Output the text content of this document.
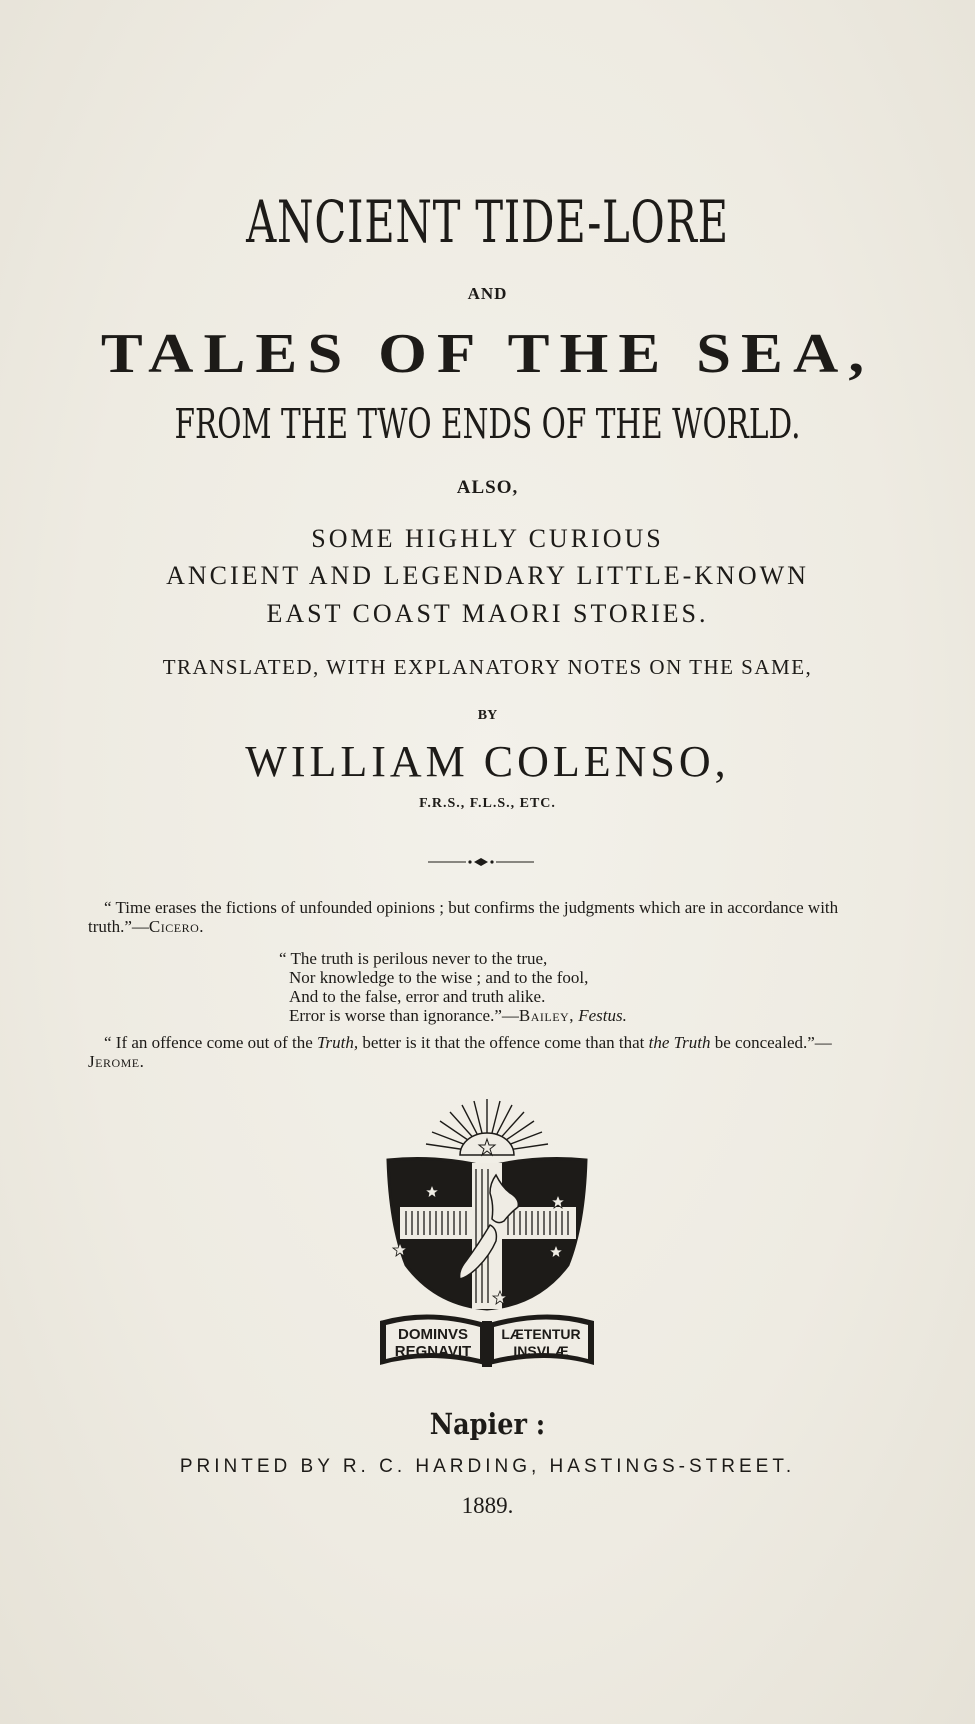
ANCIENT TIDE-LORE
AND
TALES OF THE SEA,
FROM THE TWO ENDS OF THE WORLD.
ALSO,
SOME HIGHLY CURIOUS
ANCIENT AND LEGENDARY LITTLE-KNOWN
EAST COAST MAORI STORIES.
TRANSLATED, WITH EXPLANATORY NOTES ON THE SAME,
BY
WILLIAM COLENSO,
F.R.S., F.L.S., ETC.
“ Time erases the fictions of unfounded opinions ; but confirms the judgments which are in accordance with truth.”—Cicero.
“ The truth is perilous never to the true,
Nor knowledge to the wise ; and to the fool,
And to the false, error and truth alike.
Error is worse than ignorance.”—Bailey, Festus.
“ If an offence come out of the Truth, better is it that the offence come than that the Truth be concealed.”—Jerome.
DOMINVS
REGNAVIT
LÆTENTUR
INSVLÆ
Napier :
PRINTED BY R. C. HARDING, HASTINGS-STREET.
1889.
